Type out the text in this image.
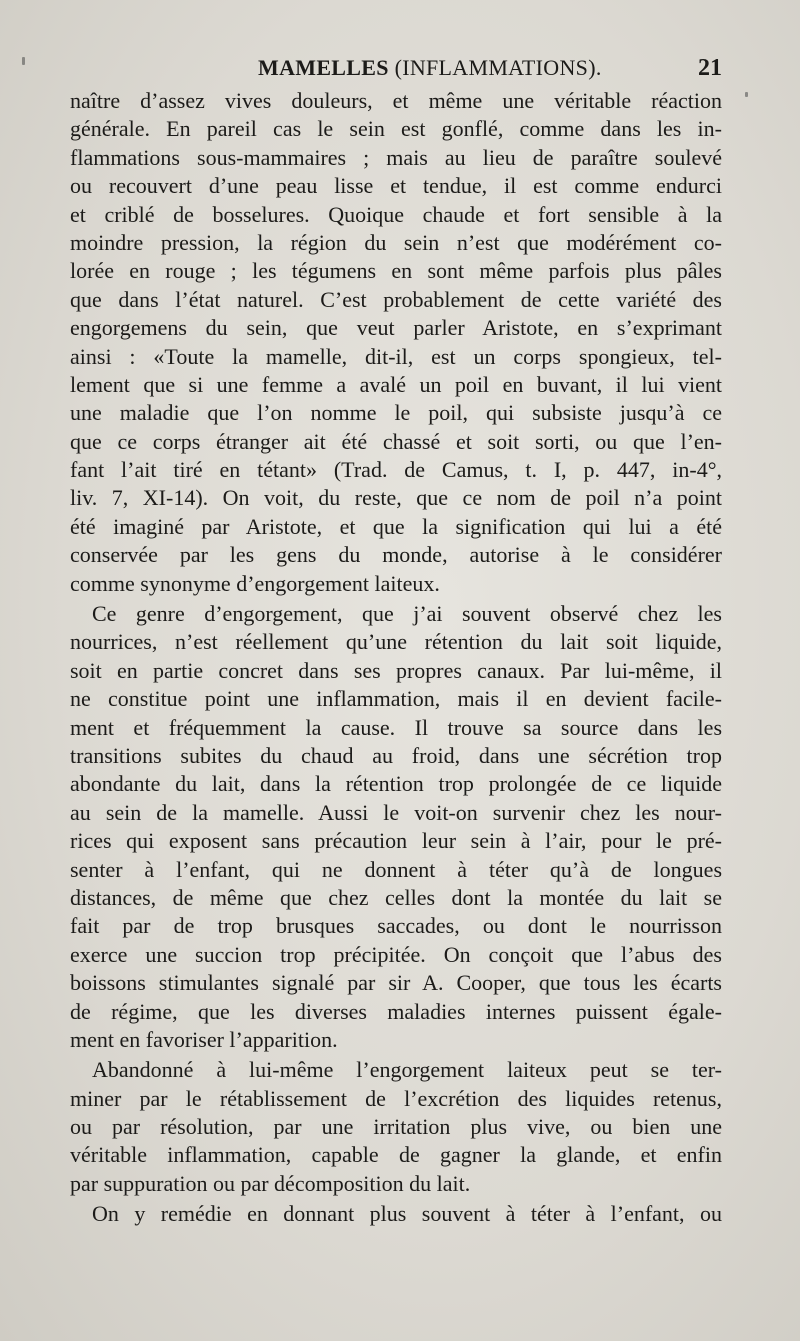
MAMELLES (INFLAMMATIONS).	21
naître d’assez vives douleurs, et même une véritable réaction
générale. En pareil cas le sein est gonflé, comme dans les in-
flammations sous-mammaires ; mais au lieu de paraître soulevé
ou recouvert d’une peau lisse et tendue, il est comme endurci
et criblé de bosselures. Quoique chaude et fort sensible à la
moindre pression, la région du sein n’est que modérément co-
lorée en rouge ; les tégumens en sont même parfois plus pâles
que dans l’état naturel. C’est probablement de cette variété des
engorgemens du sein, que veut parler Aristote, en s’exprimant
ainsi : «Toute la mamelle, dit-il, est un corps spongieux, tel-
lement que si une femme a avalé un poil en buvant, il lui vient
une maladie que l’on nomme le poil, qui subsiste jusqu’à ce
que ce corps étranger ait été chassé et soit sorti, ou que l’en-
fant l’ait tiré en tétant» (Trad. de Camus, t. I, p. 447, in-4°,
liv. 7, XI-14). On voit, du reste, que ce nom de poil n’a point
été imaginé par Aristote, et que la signification qui lui a été
conservée par les gens du monde, autorise à le considérer
comme synonyme d’engorgement laiteux.
Ce genre d’engorgement, que j’ai souvent observé chez les
nourrices, n’est réellement qu’une rétention du lait soit liquide,
soit en partie concret dans ses propres canaux. Par lui-même, il
ne constitue point une inflammation, mais il en devient facile-
ment et fréquemment la cause. Il trouve sa source dans les
transitions subites du chaud au froid, dans une sécrétion trop
abondante du lait, dans la rétention trop prolongée de ce liquide
au sein de la mamelle. Aussi le voit-on survenir chez les nour-
rices qui exposent sans précaution leur sein à l’air, pour le pré-
senter à l’enfant, qui ne donnent à téter qu’à de longues
distances, de même que chez celles dont la montée du lait se
fait par de trop brusques saccades, ou dont le nourrisson
exerce une succion trop précipitée. On conçoit que l’abus des
boissons stimulantes signalé par sir A. Cooper, que tous les écarts
de régime, que les diverses maladies internes puissent égale-
ment en favoriser l’apparition.
Abandonné à lui-même l’engorgement laiteux peut se ter-
miner par le rétablissement de l’excrétion des liquides retenus,
ou par résolution, par une irritation plus vive, ou bien une
véritable inflammation, capable de gagner la glande, et enfin
par suppuration ou par décomposition du lait.
On y remédie en donnant plus souvent à téter à l’enfant, ou
